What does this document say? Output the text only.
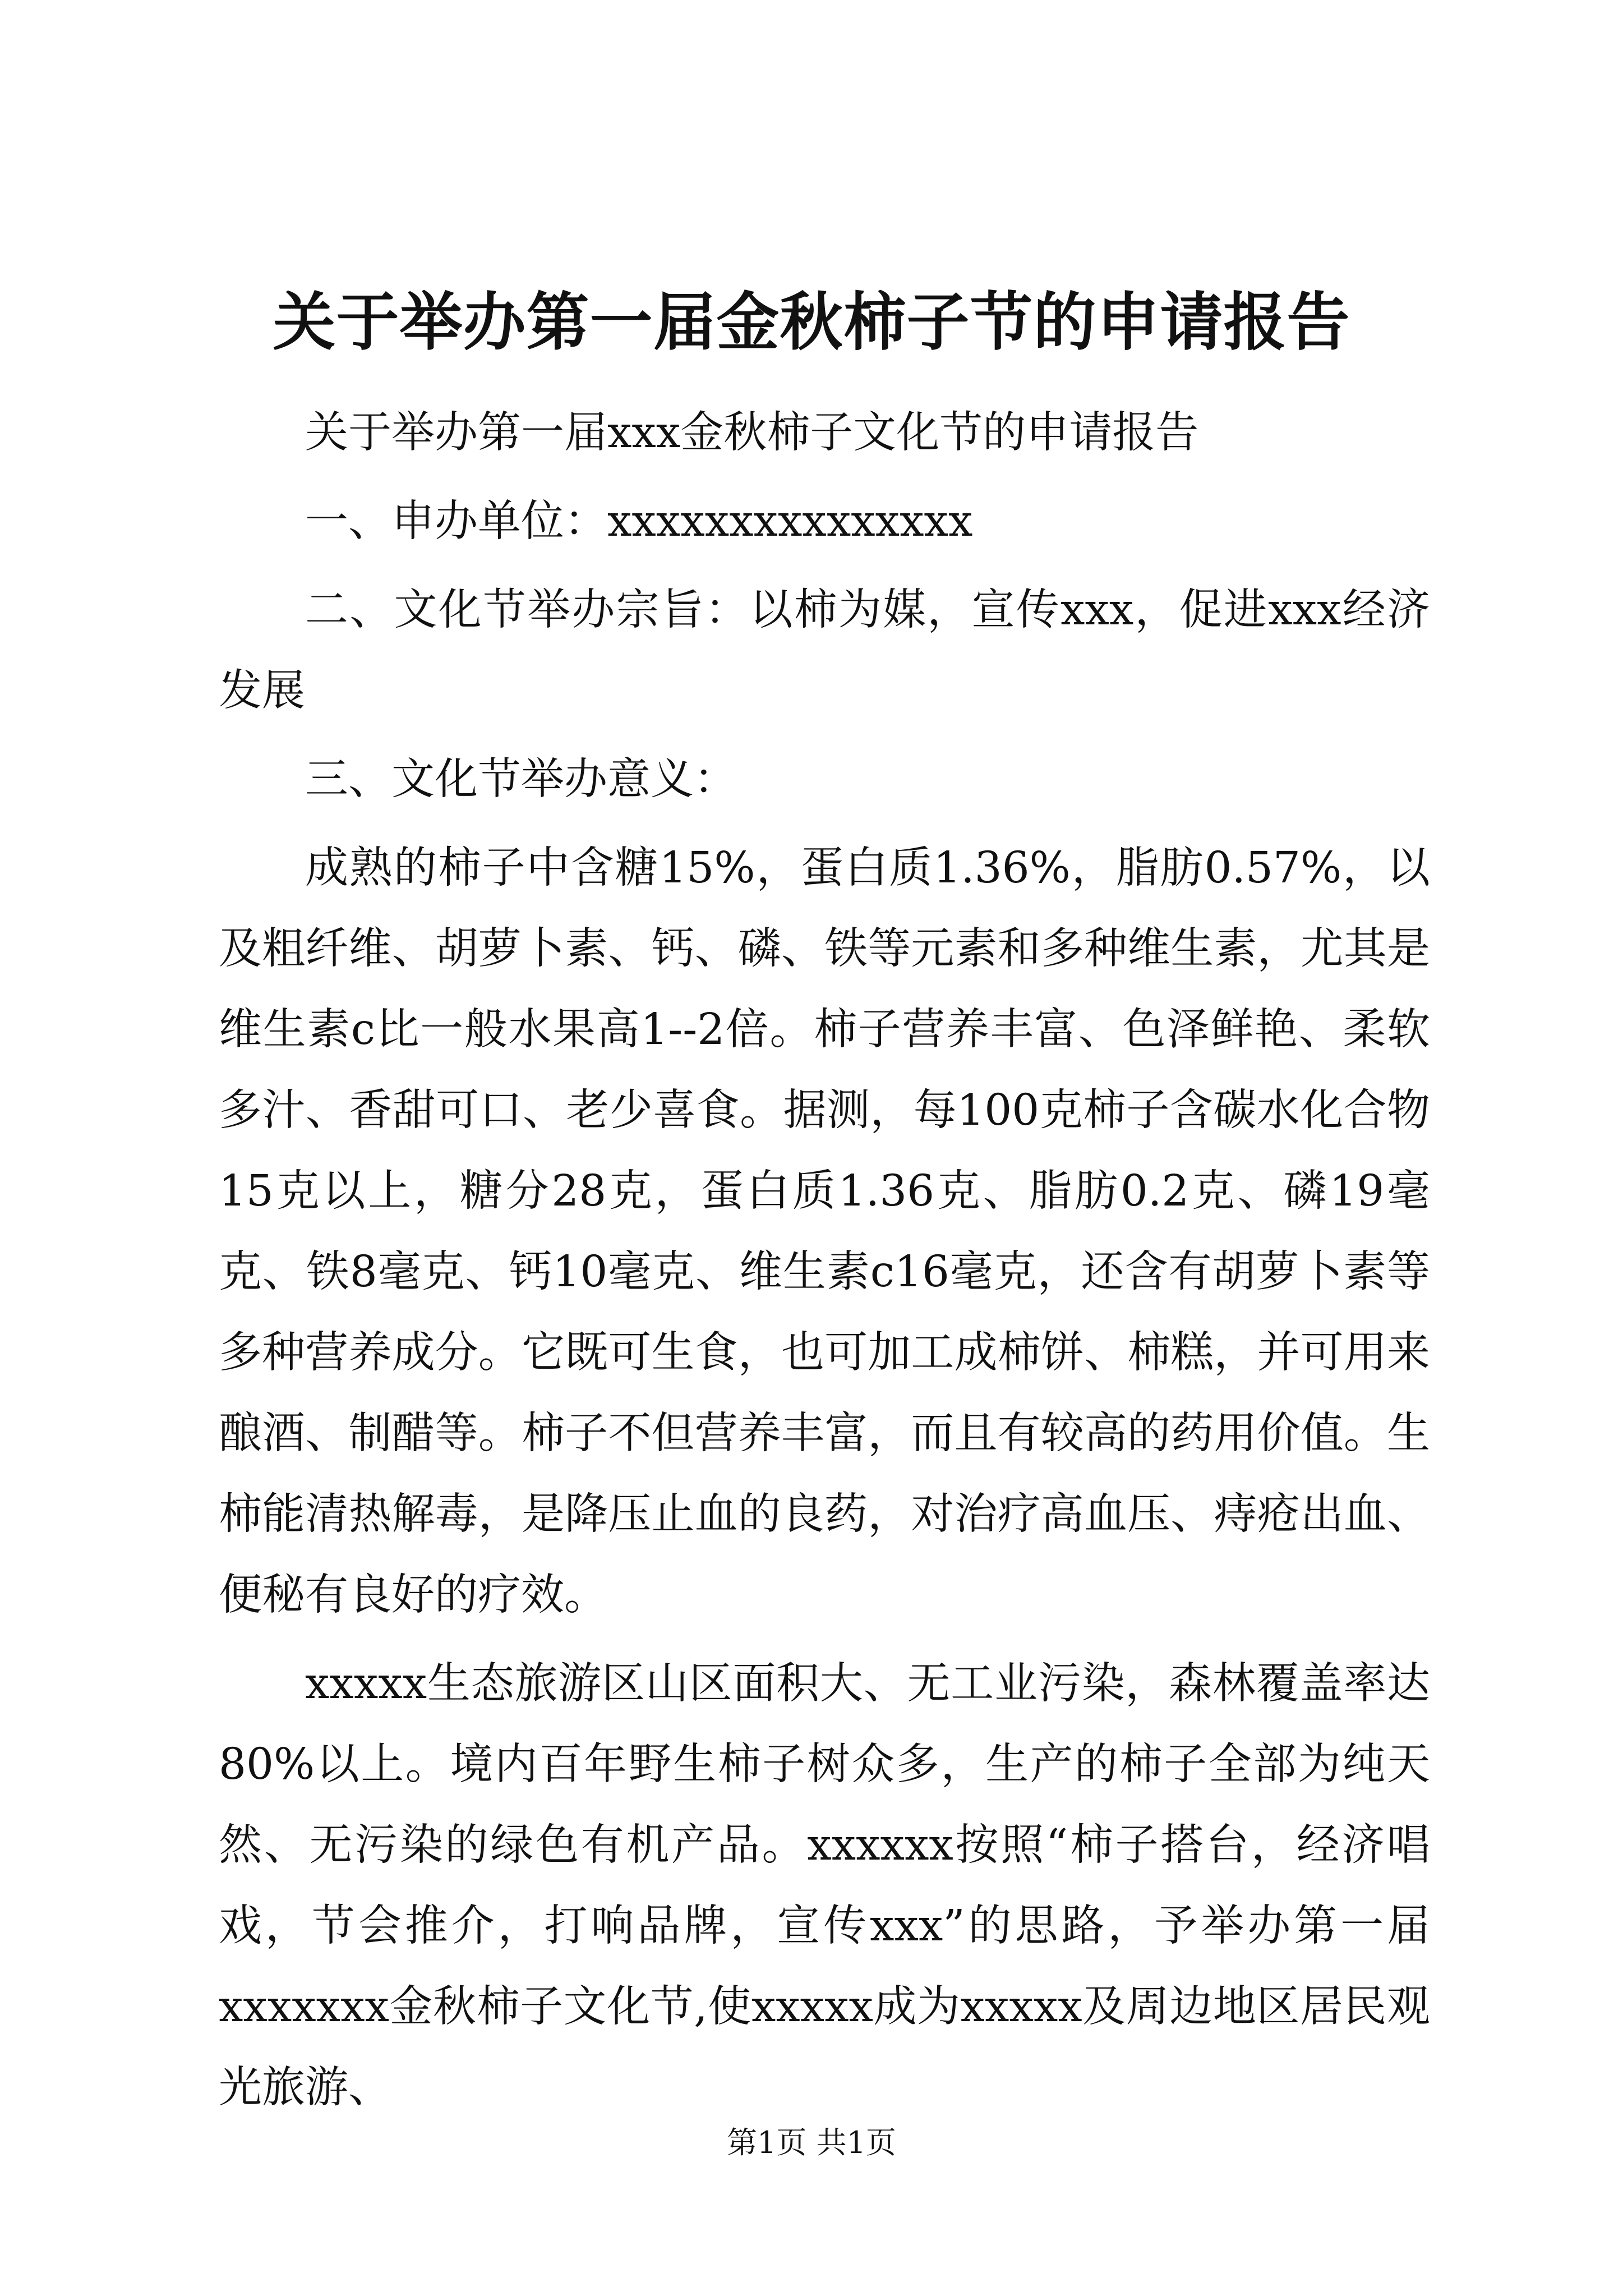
关于举办第一届金秋柿子节的申请报告

关于举办第一届xxx金秋柿子文化节的申请报告

一、申办单位：xxxxxxxxxxxxxxx

二、文化节举办宗旨：以柿为媒，宣传xxx，促进xxx经济发展

三、文化节举办意义：

成熟的柿子中含糖15%，蛋白质1.36%，脂肪0.57%，以及粗纤维、胡萝卜素、钙、磷、铁等元素和多种维生素，尤其是维生素c比一般水果高1--2倍。柿子营养丰富、色泽鲜艳、柔软多汁、香甜可口、老少喜食。据测，每100克柿子含碳水化合物15克以上，糖分28克，蛋白质1.36克、脂肪0.2克、磷19毫克、铁8毫克、钙10毫克、维生素c16毫克，还含有胡萝卜素等多种营养成分。它既可生食，也可加工成柿饼、柿糕，并可用来酿酒、制醋等。柿子不但营养丰富，而且有较高的药用价值。生柿能清热解毒，是降压止血的良药，对治疗高血压、痔疮出血、便秘有良好的疗效。

xxxxx生态旅游区山区面积大、无工业污染，森林覆盖率达80%以上。境内百年野生柿子树众多，生产的柿子全部为纯天然、无污染的绿色有机产品。xxxxxx按照“柿子搭台，经济唱戏，节会推介，打响品牌，宣传xxx”的思路，予举办第一届xxxxxxx金秋柿子文化节,使xxxxx成为xxxxx及周边地区居民观光旅游、

第1页 共1页
